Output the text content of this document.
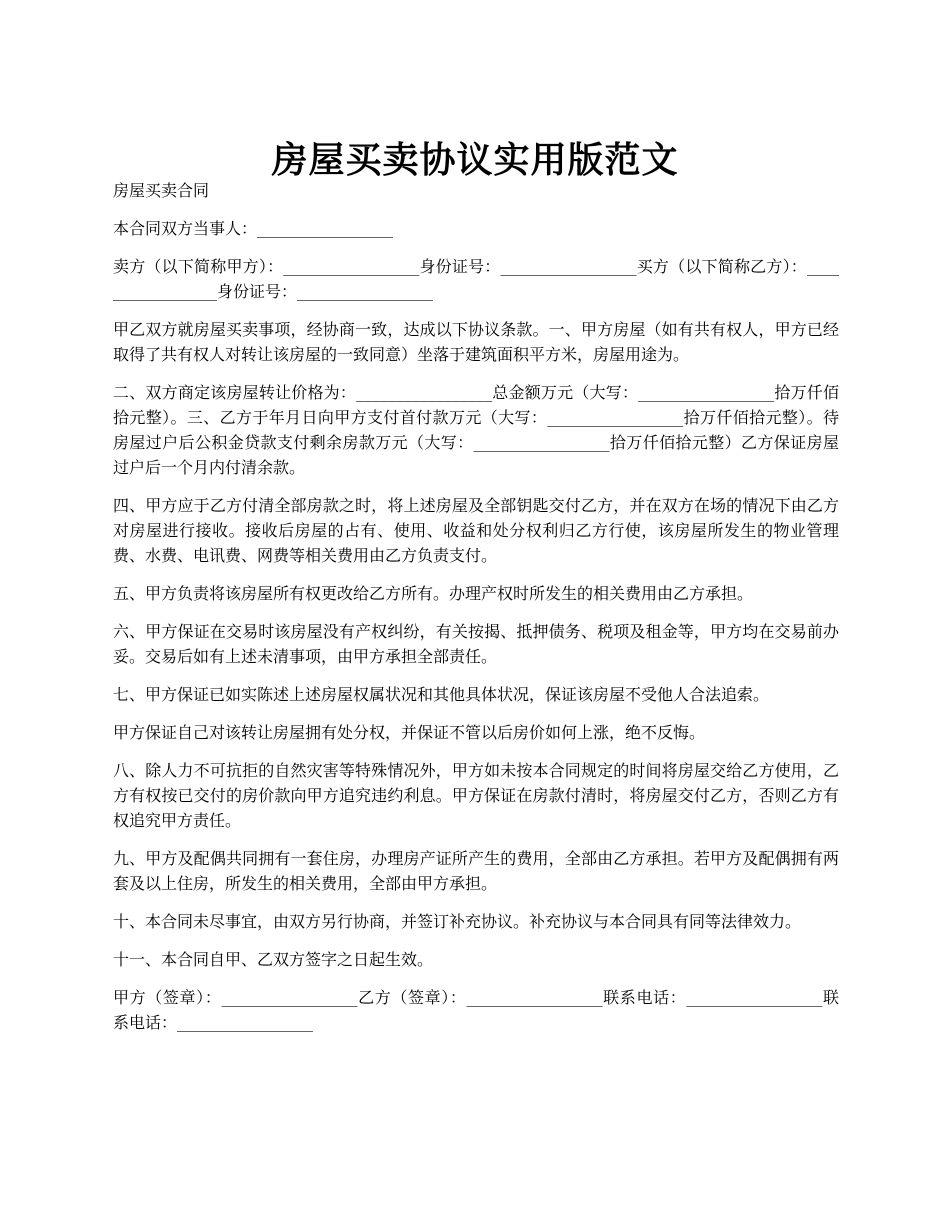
房屋买卖协议实用版范文

房屋买卖合同

本合同双方当事人：_________________

卖方（以下简称甲方）：_________________身份证号：_________________买方（以下简称乙方）：_________________身份证号：_________________

甲乙双方就房屋买卖事项，经协商一致，达成以下协议条款。一、甲方房屋（如有共有权人，甲方已经取得了共有权人对转让该房屋的一致同意）坐落于建筑面积平方米，房屋用途为。

二、双方商定该房屋转让价格为：_________________总金额万元（大写：_________________拾万仟佰拾元整）。三、乙方于年月日向甲方支付首付款万元（大写：_________________拾万仟佰拾元整）。待房屋过户后公积金贷款支付剩余房款万元（大写：_________________拾万仟佰拾元整）乙方保证房屋过户后一个月内付清余款。

四、甲方应于乙方付清全部房款之时，将上述房屋及全部钥匙交付乙方，并在双方在场的情况下由乙方对房屋进行接收。接收后房屋的占有、使用、收益和处分权利归乙方行使，该房屋所发生的物业管理费、水费、电讯费、网费等相关费用由乙方负责支付。

五、甲方负责将该房屋所有权更改给乙方所有。办理产权时所发生的相关费用由乙方承担。

六、甲方保证在交易时该房屋没有产权纠纷，有关按揭、抵押债务、税项及租金等，甲方均在交易前办妥。交易后如有上述未清事项，由甲方承担全部责任。

七、甲方保证已如实陈述上述房屋权属状况和其他具体状况，保证该房屋不受他人合法追索。

甲方保证自己对该转让房屋拥有处分权，并保证不管以后房价如何上涨，绝不反悔。

八、除人力不可抗拒的自然灾害等特殊情况外，甲方如未按本合同规定的时间将房屋交给乙方使用，乙方有权按已交付的房价款向甲方追究违约利息。甲方保证在房款付清时，将房屋交付乙方，否则乙方有权追究甲方责任。

九、甲方及配偶共同拥有一套住房，办理房产证所产生的费用，全部由乙方承担。若甲方及配偶拥有两套及以上住房，所发生的相关费用，全部由甲方承担。

十、本合同未尽事宜，由双方另行协商，并签订补充协议。补充协议与本合同具有同等法律效力。

十一、本合同自甲、乙双方签字之日起生效。

甲方（签章）：_________________乙方（签章）：_________________联系电话：_________________联系电话：_________________
